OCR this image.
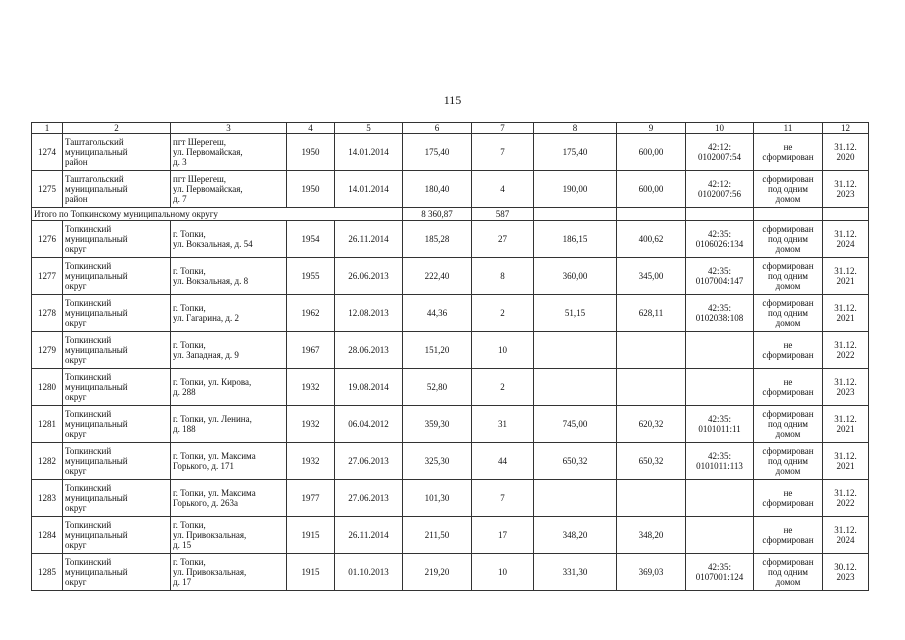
115
1	2	3	4	5	6	7	8	9	10	11	12
1274	Таштагольский
муниципальный
район	пгт Шерегеш,
ул. Первомайская,
д. 3	1950	14.01.2014	175,40	7	175,40	600,00	42:12:
0102007:54	не
сформирован	31.12.
2020
1275	Таштагольский
муниципальный
район	пгт Шерегеш,
ул. Первомайская,
д. 7	1950	14.01.2014	180,40	4	190,00	600,00	42:12:
0102007:56	сформирован
под одним
домом	31.12.
2023
Итого по Топкинскому муниципальному округу					8 360,87	587					
1276	Топкинский
муниципальный
округ	г. Топки,
ул. Вокзальная, д. 54	1954	26.11.2014	185,28	27	186,15	400,62	42:35:
0106026:134	сформирован
под одним
домом	31.12.
2024
1277	Топкинский
муниципальный
округ	г. Топки,
ул. Вокзальная, д. 8	1955	26.06.2013	222,40	8	360,00	345,00	42:35:
0107004:147	сформирован
под одним
домом	31.12.
2021
1278	Топкинский
муниципальный
округ	г. Топки,
ул. Гагарина, д. 2	1962	12.08.2013	44,36	2	51,15	628,11	42:35:
0102038:108	сформирован
под одним
домом	31.12.
2021
1279	Топкинский
муниципальный
округ	г. Топки,
ул. Западная, д. 9	1967	28.06.2013	151,20	10				не
сформирован	31.12.
2022
1280	Топкинский
муниципальный
округ	г. Топки, ул. Кирова,
д. 288	1932	19.08.2014	52,80	2				не
сформирован	31.12.
2023
1281	Топкинский
муниципальный
округ	г. Топки, ул. Ленина,
д. 188	1932	06.04.2012	359,30	31	745,00	620,32	42:35:
0101011:11	сформирован
под одним
домом	31.12.
2021
1282	Топкинский
муниципальный
округ	г. Топки, ул. Максима
Горького, д. 171	1932	27.06.2013	325,30	44	650,32	650,32	42:35:
0101011:113	сформирован
под одним
домом	31.12.
2021
1283	Топкинский
муниципальный
округ	г. Топки, ул. Максима
Горького, д. 263а	1977	27.06.2013	101,30	7				не
сформирован	31.12.
2022
1284	Топкинский
муниципальный
округ	г. Топки,
ул. Привокзальная,
д. 15	1915	26.11.2014	211,50	17	348,20	348,20		не
сформирован	31.12.
2024
1285	Топкинский
муниципальный
округ	г. Топки,
ул. Привокзальная,
д. 17	1915	01.10.2013	219,20	10	331,30	369,03	42:35:
0107001:124	сформирован
под одним
домом	30.12.
2023
